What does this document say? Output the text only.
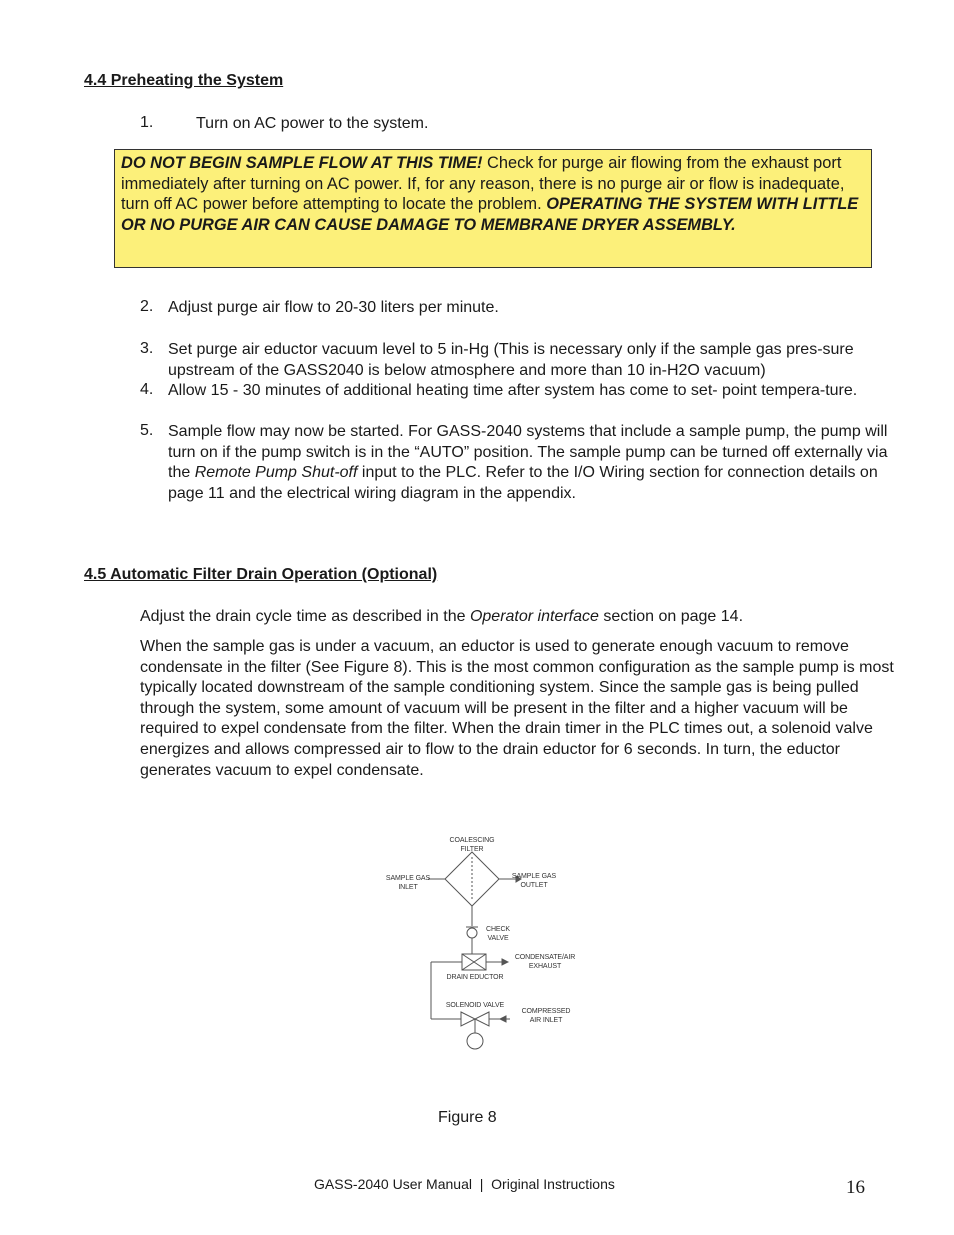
4.4 Preheating the System
1.	Turn on AC power to the system.
DO NOT BEGIN SAMPLE FLOW AT THIS TIME! Check for purge air flowing from the exhaust port immediately after turning on AC power. If, for any reason, there is no purge air or flow is inadequate, turn off AC power before attempting to locate the problem. OPERATING THE SYSTEM WITH LITTLE OR NO PURGE AIR CAN CAUSE DAMAGE TO MEMBRANE DRYER ASSEMBLY.
2. Adjust purge air flow to 20-30 liters per minute.
3. Set purge air eductor vacuum level to 5 in-Hg (This is necessary only if the sample gas pres-sure upstream of the GASS2040 is below atmosphere and more than 10 in-H2O vacuum)
4. Allow 15 - 30 minutes of additional heating time after system has come to set- point tempera-ture.
5. Sample flow may now be started. For GASS-2040 systems that include a sample pump, the pump will turn on if the pump switch is in the “AUTO” position. The sample pump can be turned off externally via the Remote Pump Shut-off input to the PLC. Refer to the I/O Wiring section for connection details on page 11 and the electrical wiring diagram in the appendix.
4.5 Automatic Filter Drain Operation (Optional)
Adjust the drain cycle time as described in the Operator interface section on page 14.
When the sample gas is under a vacuum, an eductor is used to generate enough vacuum to remove condensate in the filter (See Figure 8). This is the most common configuration as the sample pump is most typically located downstream of the sample conditioning system. Since the sample gas is being pulled through the system, some amount of vacuum will be present in the filter and a higher vacuum will be required to expel condensate from the filter. When the drain timer in the PLC times out, a solenoid valve energizes and allows compressed air to flow to the drain eductor for 6 seconds. In turn, the eductor generates vacuum to expel condensate.
COALESCING
FILTER
SAMPLE GAS
INLET
SAMPLE GAS
OUTLET
CHECK
VALVE
CONDENSATE/AIR
EXHAUST
DRAIN EDUCTOR
SOLENOID VALVE
COMPRESSED
AIR INLET
Figure 8
GASS-2040 User Manual  |  Original Instructions	16
